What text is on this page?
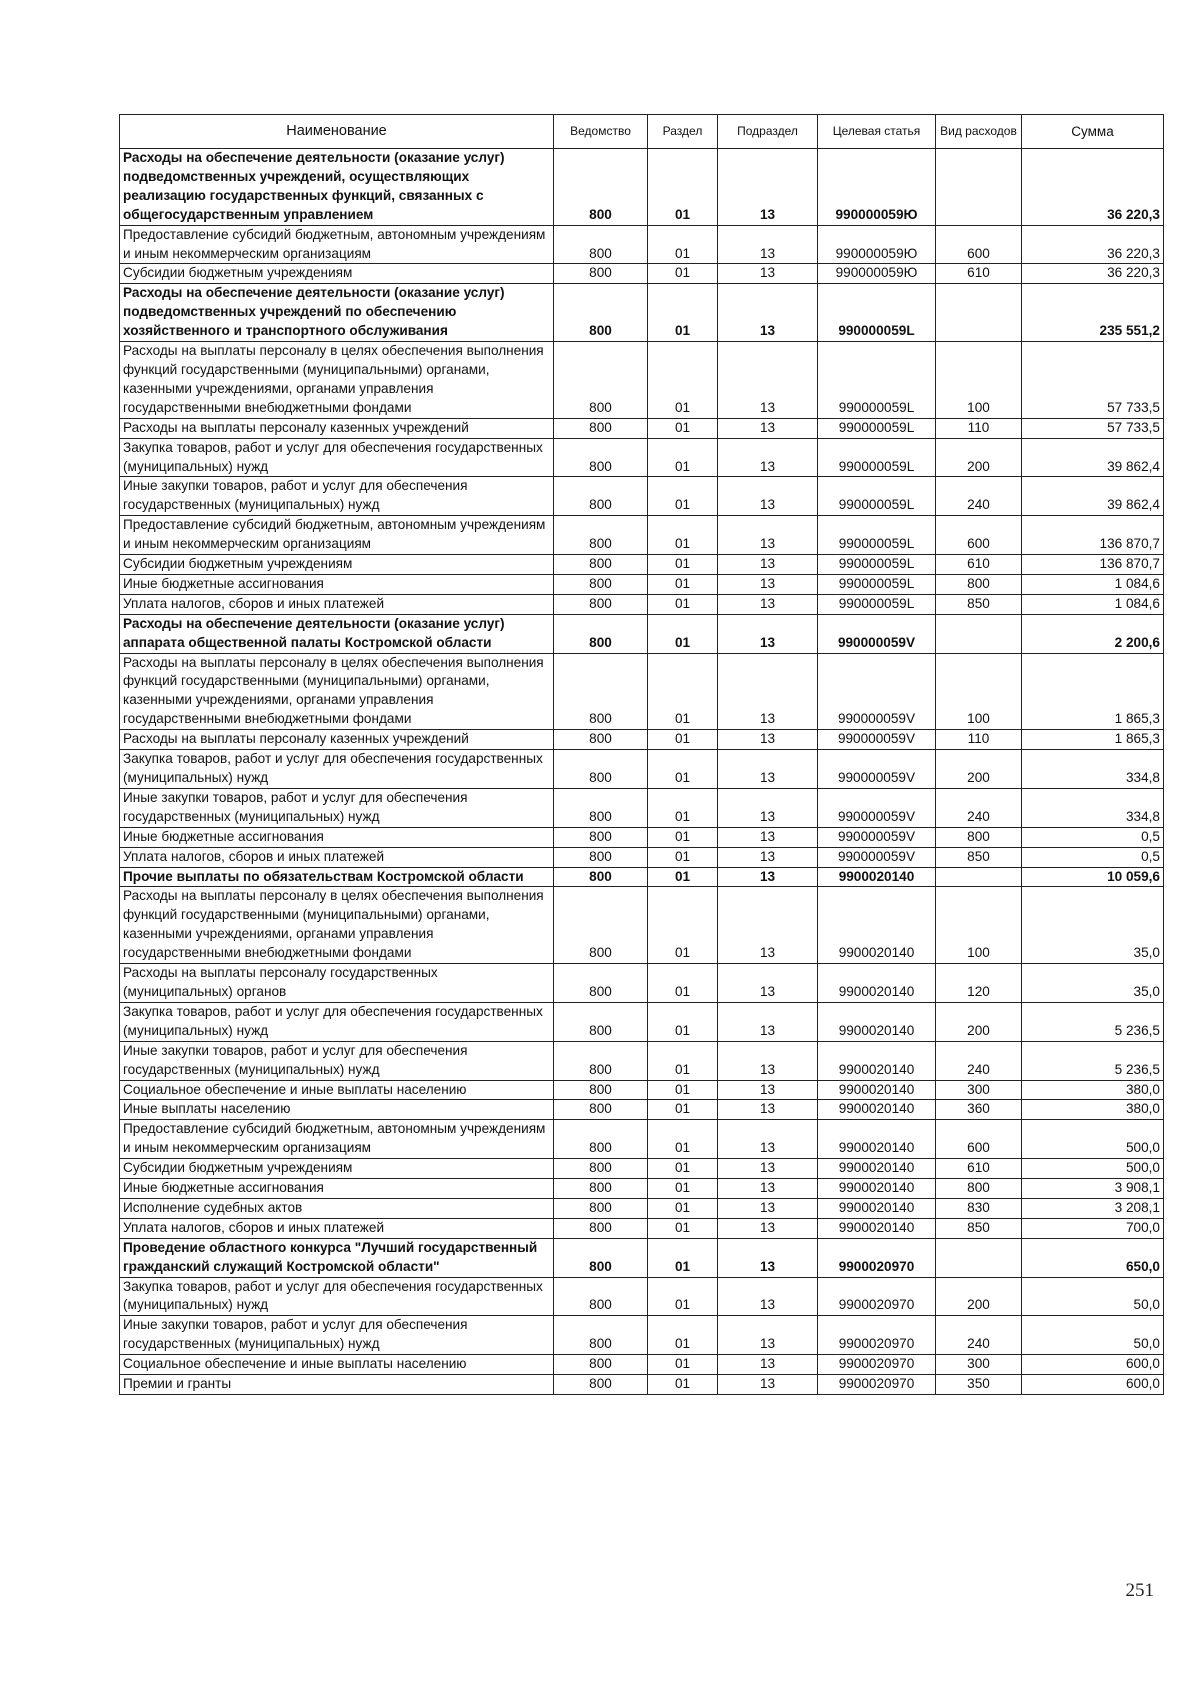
Наименование	Ведомство	Раздел	Подраздел	Целевая статья	Вид расходов	Сумма
Расходы на обеспечение деятельности (оказание услуг) подведомственных учреждений, осуществляющих реализацию государственных функций, связанных с общегосударственным управлением	800	01	13	990000059Ю		36 220,3
Предоставление субсидий бюджетным, автономным учреждениям и иным некоммерческим организациям	800	01	13	990000059Ю	600	36 220,3
Субсидии бюджетным учреждениям	800	01	13	990000059Ю	610	36 220,3
Расходы на обеспечение деятельности (оказание услуг) подведомственных учреждений по обеспечению хозяйственного и транспортного обслуживания	800	01	13	990000059L		235 551,2
Расходы на выплаты персоналу в целях обеспечения выполнения функций государственными (муниципальными) органами, казенными учреждениями, органами управления государственными внебюджетными фондами	800	01	13	990000059L	100	57 733,5
Расходы на выплаты персоналу казенных учреждений	800	01	13	990000059L	110	57 733,5
Закупка товаров, работ и услуг для обеспечения государственных (муниципальных) нужд	800	01	13	990000059L	200	39 862,4
Иные закупки товаров, работ и услуг для обеспечения государственных (муниципальных) нужд	800	01	13	990000059L	240	39 862,4
Предоставление субсидий бюджетным, автономным учреждениям и иным некоммерческим организациям	800	01	13	990000059L	600	136 870,7
Субсидии бюджетным учреждениям	800	01	13	990000059L	610	136 870,7
Иные бюджетные ассигнования	800	01	13	990000059L	800	1 084,6
Уплата налогов, сборов и иных платежей	800	01	13	990000059L	850	1 084,6
Расходы на обеспечение деятельности (оказание услуг) аппарата общественной палаты Костромской области	800	01	13	990000059V		2 200,6
Расходы на выплаты персоналу в целях обеспечения выполнения функций государственными (муниципальными) органами, казенными учреждениями, органами управления государственными внебюджетными фондами	800	01	13	990000059V	100	1 865,3
Расходы на выплаты персоналу казенных учреждений	800	01	13	990000059V	110	1 865,3
Закупка товаров, работ и услуг для обеспечения государственных (муниципальных) нужд	800	01	13	990000059V	200	334,8
Иные закупки товаров, работ и услуг для обеспечения государственных (муниципальных) нужд	800	01	13	990000059V	240	334,8
Иные бюджетные ассигнования	800	01	13	990000059V	800	0,5
Уплата налогов, сборов и иных платежей	800	01	13	990000059V	850	0,5
Прочие выплаты по обязательствам Костромской области	800	01	13	9900020140		10 059,6
Расходы на выплаты персоналу в целях обеспечения выполнения функций государственными (муниципальными) органами, казенными учреждениями, органами управления государственными внебюджетными фондами	800	01	13	9900020140	100	35,0
Расходы на выплаты персоналу государственных (муниципальных) органов	800	01	13	9900020140	120	35,0
Закупка товаров, работ и услуг для обеспечения государственных (муниципальных) нужд	800	01	13	9900020140	200	5 236,5
Иные закупки товаров, работ и услуг для обеспечения государственных (муниципальных) нужд	800	01	13	9900020140	240	5 236,5
Социальное обеспечение и иные выплаты населению	800	01	13	9900020140	300	380,0
Иные выплаты населению	800	01	13	9900020140	360	380,0
Предоставление субсидий бюджетным, автономным учреждениям и иным некоммерческим организациям	800	01	13	9900020140	600	500,0
Субсидии бюджетным учреждениям	800	01	13	9900020140	610	500,0
Иные бюджетные ассигнования	800	01	13	9900020140	800	3 908,1
Исполнение судебных актов	800	01	13	9900020140	830	3 208,1
Уплата налогов, сборов и иных платежей	800	01	13	9900020140	850	700,0
Проведение областного конкурса "Лучший государственный гражданский служащий Костромской области"	800	01	13	9900020970		650,0
Закупка товаров, работ и услуг для обеспечения государственных (муниципальных) нужд	800	01	13	9900020970	200	50,0
Иные закупки товаров, работ и услуг для обеспечения государственных (муниципальных) нужд	800	01	13	9900020970	240	50,0
Социальное обеспечение и иные выплаты населению	800	01	13	9900020970	300	600,0
Премии и гранты	800	01	13	9900020970	350	600,0
251
